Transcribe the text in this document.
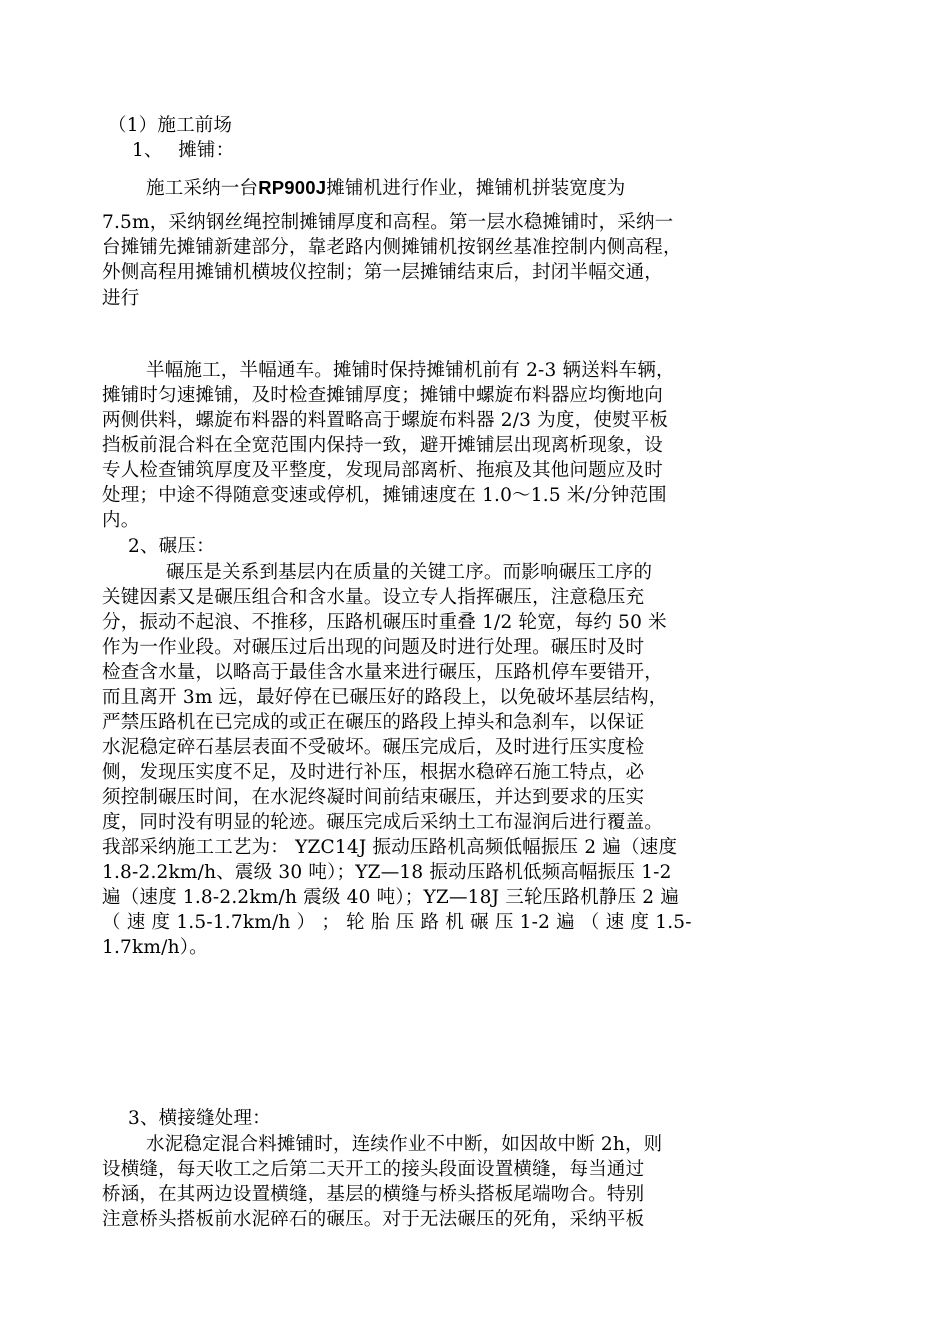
（1）施工前场
1、　 摊铺：
施工采纳一台RP900J摊铺机进行作业，摊铺机拼装宽度为
7.5m，采纳钢丝绳控制摊铺厚度和高程。第一层水稳摊铺时，采纳一
台摊铺先摊铺新建部分，靠老路内侧摊铺机按钢丝基准控制内侧高程，
外侧高程用摊铺机横坡仪控制；第一层摊铺结束后，封闭半幅交通，
进行
半幅施工，半幅通车。摊铺时保持摊铺机前有 2-3 辆送料车辆，
摊铺时匀速摊铺，及时检查摊铺厚度；摊铺中螺旋布料器应均衡地向
两侧供料，螺旋布料器的料置略高于螺旋布料器 2/3 为度，使熨平板
挡板前混合料在全宽范围内保持一致，避开摊铺层出现离析现象，设
专人检查铺筑厚度及平整度，发现局部离析、拖痕及其他问题应及时
处理；中途不得随意变速或停机，摊铺速度在 1.0～1.5 米/分钟范围
内。
2、碾压：
碾压是关系到基层内在质量的关键工序。而影响碾压工序的
关键因素又是碾压组合和含水量。设立专人指挥碾压，注意稳压充
分，振动不起浪、不推移，压路机碾压时重叠 1/2 轮宽，每约 50 米
作为一作业段。对碾压过后出现的问题及时进行处理。碾压时及时
检查含水量，以略高于最佳含水量来进行碾压，压路机停车要错开，
而且离开 3m 远，最好停在已碾压好的路段上，以免破坏基层结构，
严禁压路机在已完成的或正在碾压的路段上掉头和急刹车，以保证
水泥稳定碎石基层表面不受破坏。碾压完成后，及时进行压实度检
侧，发现压实度不足，及时进行补压，根据水稳碎石施工特点，必
须控制碾压时间，在水泥终凝时间前结束碾压，并达到要求的压实
度，同时没有明显的轮迹。碾压完成后采纳土工布湿润后进行覆盖。
我部采纳施工工艺为： YZC14J 振动压路机高频低幅振压 2 遍（速度
1.8-2.2km/h、震级 30 吨）；YZ—18 振动压路机低频高幅振压 1-2
遍（速度 1.8-2.2km/h 震级 40 吨）；YZ—18J 三轮压路机静压 2 遍
（ 速 度 1.5-1.7km/h ） ； 轮 胎 压 路 机 碾 压 1-2 遍 （ 速 度 1.5-
1.7km/h）。
3、横接缝处理：
水泥稳定混合料摊铺时，连续作业不中断，如因故中断 2h，则
设横缝，每天收工之后第二天开工的接头段面设置横缝，每当通过
桥涵，在其两边设置横缝，基层的横缝与桥头搭板尾端吻合。特别
注意桥头搭板前水泥碎石的碾压。对于无法碾压的死角，采纳平板
